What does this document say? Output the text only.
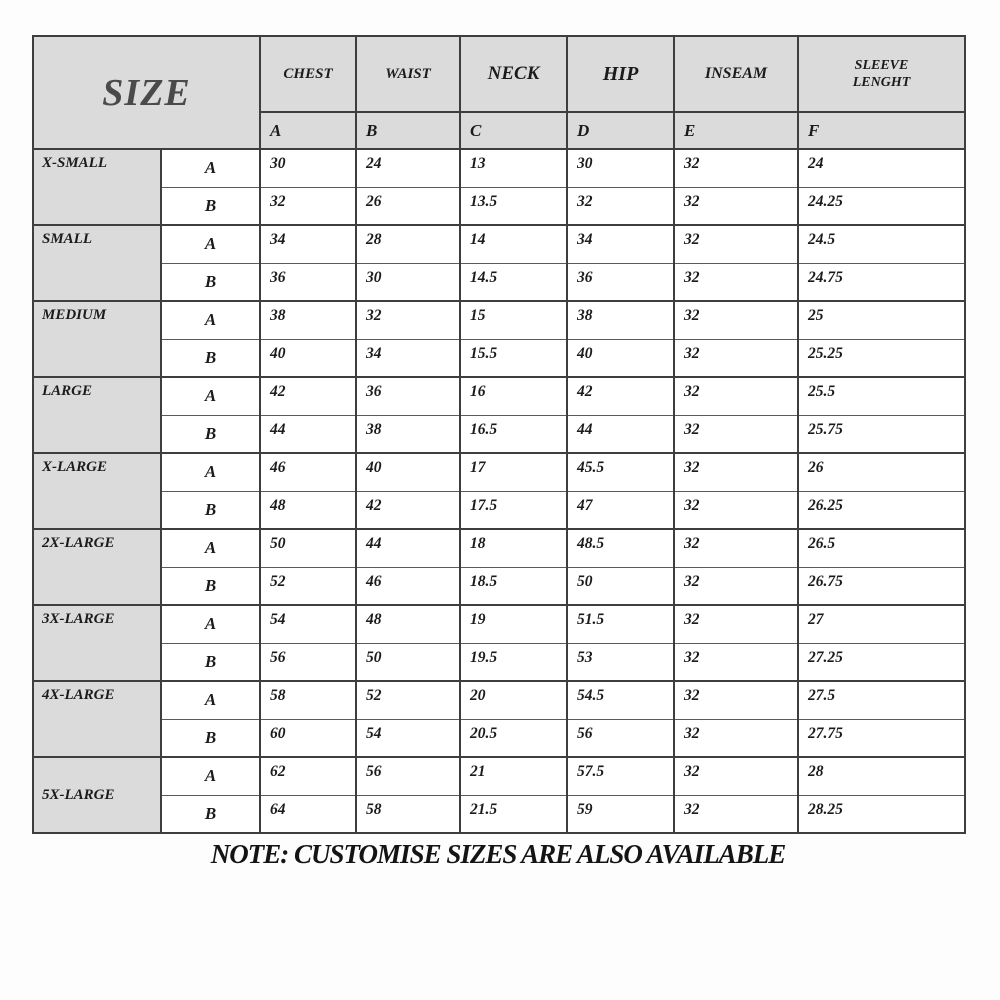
SIZE		CHEST	WAIST	NECK	HIP	INSEAM	SLEEVE LENGHT

		A	B	C	D	E	F
X-SMALL	A	30	24	13	30	32	24
	B	32	26	13.5	32	32	24.25
SMALL	A	34	28	14	34	32	24.5
	B	36	30	14.5	36	32	24.75
MEDIUM	A	38	32	15	38	32	25
	B	40	34	15.5	40	32	25.25
LARGE	A	42	36	16	42	32	25.5
	B	44	38	16.5	44	32	25.75
X-LARGE	A	46	40	17	45.5	32	26
	B	48	42	17.5	47	32	26.25
2X-LARGE	A	50	44	18	48.5	32	26.5
	B	52	46	18.5	50	32	26.75
3X-LARGE	A	54	48	19	51.5	32	27
	B	56	50	19.5	53	32	27.25
4X-LARGE	A	58	52	20	54.5	32	27.5
	B	60	54	20.5	56	32	27.75
5X-LARGE	A	62	56	21	57.5	32	28
	B	64	58	21.5	59	32	28.25
NOTE: CUSTOMISE SIZES ARE ALSO AVAILABLE
